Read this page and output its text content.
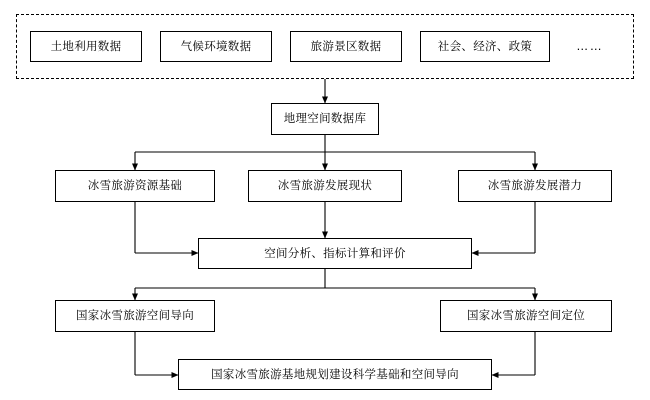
土地利用数据	气候环境数据	旅游景区数据	社会、经济、政策	……
地理空间数据库
冰雪旅游资源基础	冰雪旅游发展现状	冰雪旅游发展潜力
空间分析、指标计算和评价
国家冰雪旅游空间导向	国家冰雪旅游空间定位
国家冰雪旅游基地规划建设科学基础和空间导向
